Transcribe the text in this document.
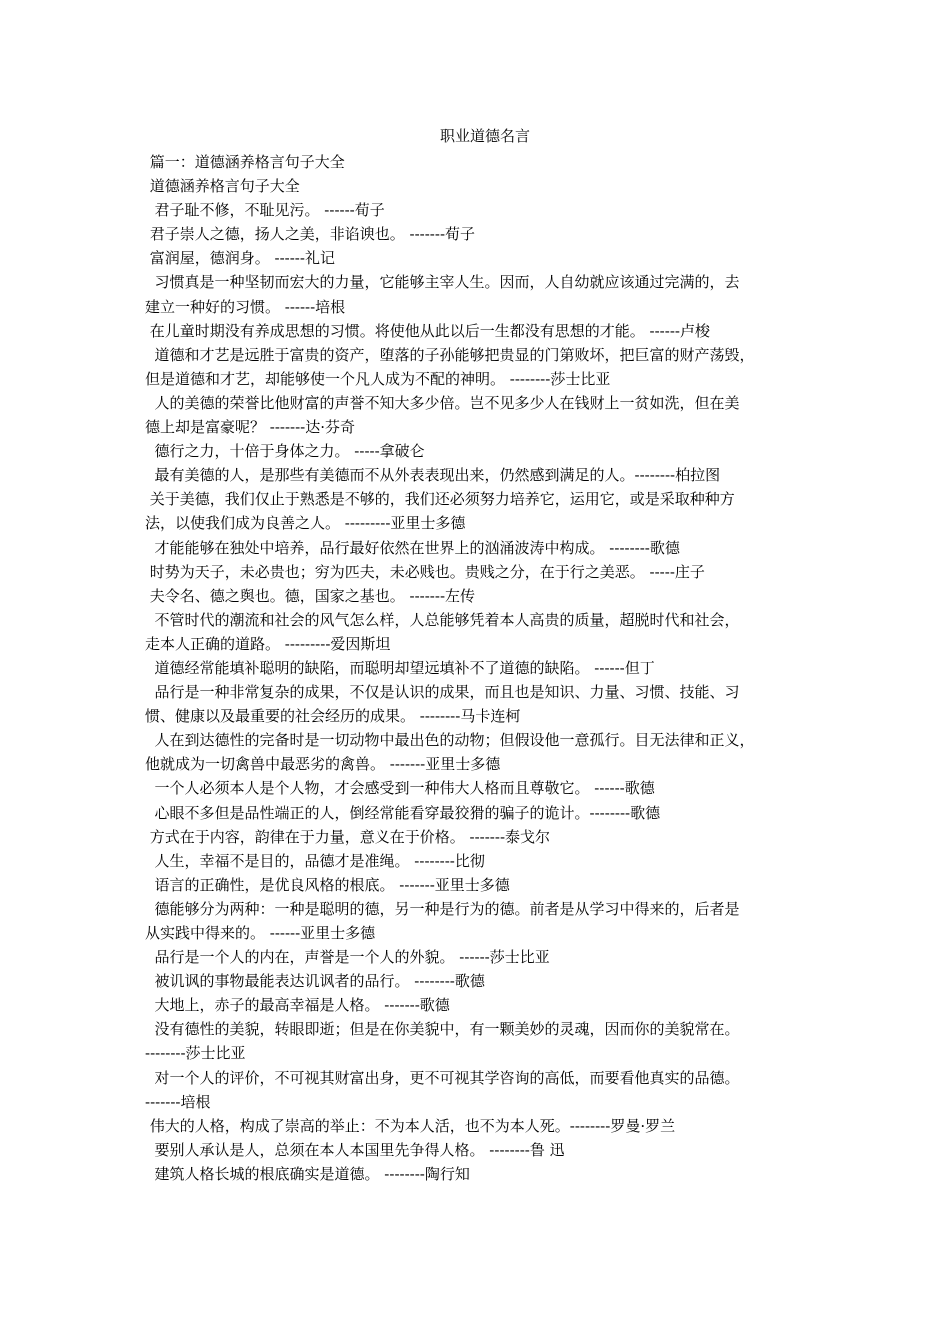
职业道德名言
篇一：道德涵养格言句子大全
道德涵养格言句子大全
君子耻不修，不耻见污。 ------荀子
君子崇人之德，扬人之美，非谄谀也。 -------荀子
富润屋，德润身。 ------礼记
习惯真是一种坚韧而宏大的力量，它能够主宰人生。因而，人自幼就应该通过完满的，去
建立一种好的习惯。 ------培根
在儿童时期没有养成思想的习惯。将使他从此以后一生都没有思想的才能。 ------卢梭
道德和才艺是远胜于富贵的资产，堕落的子孙能够把贵显的门第败坏，把巨富的财产荡毁，
但是道德和才艺，却能够使一个凡人成为不配的神明。 --------莎士比亚
人的美德的荣誉比他财富的声誉不知大多少倍。岂不见多少人在钱财上一贫如洗，但在美
德上却是富豪呢？ -------达·芬奇
德行之力，十倍于身体之力。 -----拿破仑
最有美德的人，是那些有美德而不从外表表现出来，仍然感到满足的人。--------柏拉图
关于美德，我们仅止于熟悉是不够的，我们还必须努力培养它，运用它，或是采取种种方
法，以使我们成为良善之人。 ---------亚里士多德
才能能够在独处中培养，品行最好依然在世界上的汹涌波涛中构成。 --------歌德
时势为天子，未必贵也；穷为匹夫，未必贱也。贵贱之分，在于行之美恶。 -----庄子
夫令名、德之舆也。德，国家之基也。 -------左传
不管时代的潮流和社会的风气怎么样，人总能够凭着本人高贵的质量，超脱时代和社会，
走本人正确的道路。 ---------爱因斯坦
道德经常能填补聪明的缺陷，而聪明却望远填补不了道德的缺陷。 ------但丁
品行是一种非常复杂的成果，不仅是认识的成果，而且也是知识、力量、习惯、技能、习
惯、健康以及最重要的社会经历的成果。 --------马卡连柯
人在到达德性的完备时是一切动物中最出色的动物；但假设他一意孤行。目无法律和正义，
他就成为一切禽兽中最恶劣的禽兽。 -------亚里士多德
一个人必须本人是个人物，才会感受到一种伟大人格而且尊敬它。 ------歌德
心眼不多但是品性端正的人，倒经常能看穿最狡猾的骗子的诡计。--------歌德
方式在于内容，韵律在于力量，意义在于价格。 -------泰戈尔
人生，幸福不是目的，品德才是准绳。 --------比彻
语言的正确性，是优良风格的根底。 -------亚里士多德
德能够分为两种：一种是聪明的德，另一种是行为的德。前者是从学习中得来的，后者是
从实践中得来的。 ------亚里士多德
品行是一个人的内在，声誉是一个人的外貌。 ------莎士比亚
被讥讽的事物最能表达讥讽者的品行。 --------歌德
大地上，赤子的最高幸福是人格。 -------歌德
没有德性的美貌，转眼即逝；但是在你美貌中，有一颗美妙的灵魂，因而你的美貌常在。
--------莎士比亚
对一个人的评价，不可视其财富出身，更不可视其学咨询的高低，而要看他真实的品德。
-------培根
伟大的人格，构成了崇高的举止：不为本人活，也不为本人死。--------罗曼·罗兰
要别人承认是人，总须在本人本国里先争得人格。 --------鲁 迅
建筑人格长城的根底确实是道德。 --------陶行知
